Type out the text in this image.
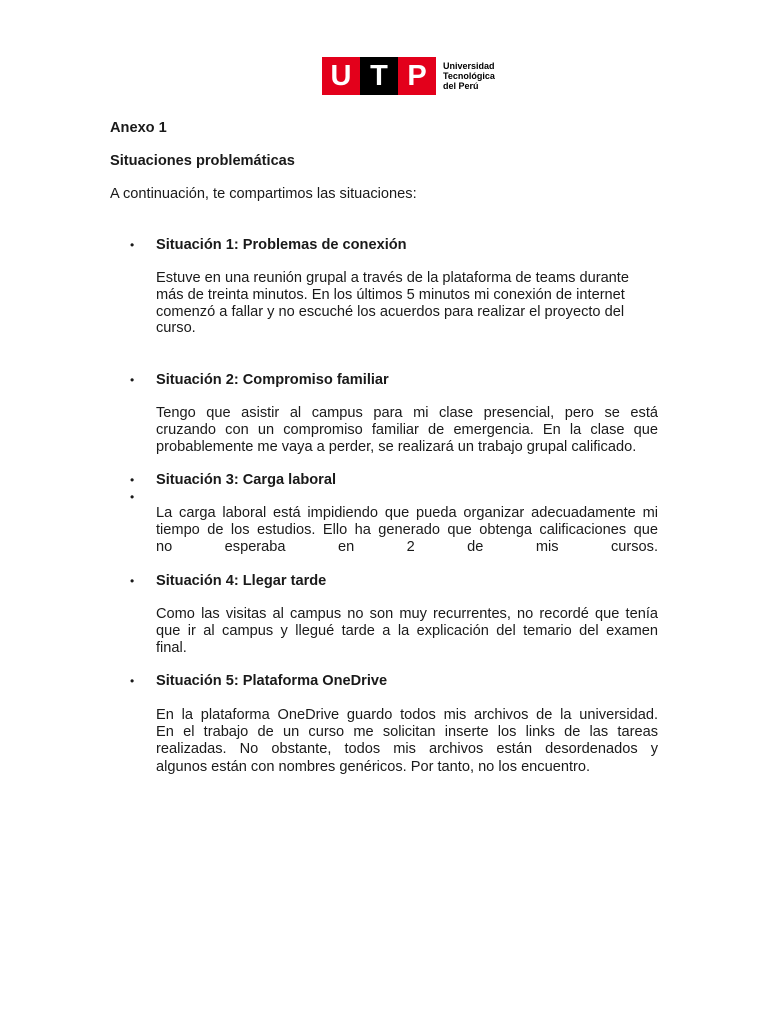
U T P	Universidad
Tecnológica
del Perú
Anexo 1
Situaciones problemáticas
A continuación, te compartimos las situaciones:
• Situación 1: Problemas de conexión
Estuve en una reunión grupal a través de la plataforma de teams durante
más de treinta minutos. En los últimos 5 minutos mi conexión de internet
comenzó a fallar y no escuché los acuerdos para realizar el proyecto del
curso.
• Situación 2: Compromiso familiar
Tengo que asistir al campus para mi clase presencial, pero se está
cruzando con un compromiso familiar de emergencia. En la clase que
probablemente me vaya a perder, se realizará un trabajo grupal calificado.
• Situación 3: Carga laboral
•
La carga laboral está impidiendo que pueda organizar adecuadamente mi
tiempo de los estudios. Ello ha generado que obtenga calificaciones que
no esperaba en 2 de mis cursos.
• Situación 4: Llegar tarde
Como las visitas al campus no son muy recurrentes, no recordé que tenía
que ir al campus y llegué tarde a la explicación del temario del examen
final.
• Situación 5: Plataforma OneDrive
En la plataforma OneDrive guardo todos mis archivos de la universidad.
En el trabajo de un curso me solicitan inserte los links de las tareas
realizadas. No obstante, todos mis archivos están desordenados y
algunos están con nombres genéricos. Por tanto, no los encuentro.
